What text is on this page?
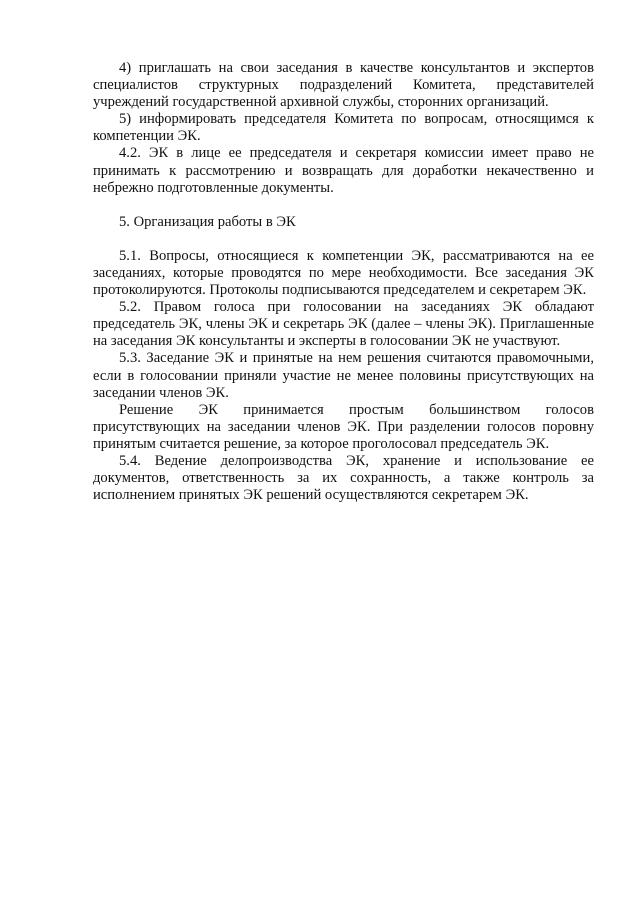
4) приглашать на свои заседания в качестве консультантов и экспертов специалистов структурных подразделений Комитета, представителей учреждений государственной архивной службы, сторонних организаций.

5) информировать председателя Комитета по вопросам, относящимся к компетенции ЭК.

4.2. ЭК в лице ее председателя и секретаря комиссии имеет право не принимать к рассмотрению и возвращать для доработки некачественно и небрежно подготовленные документы.

5. Организация работы в ЭК

5.1. Вопросы, относящиеся к компетенции ЭК, рассматриваются на ее заседаниях, которые проводятся по мере необходимости. Все заседания ЭК протоколируются. Протоколы подписываются председателем и секретарем ЭК.

5.2. Правом голоса при голосовании на заседаниях ЭК обладают председатель ЭК, члены ЭК и секретарь ЭК (далее – члены ЭК). Приглашенные на заседания ЭК консультанты и эксперты в голосовании ЭК не участвуют.

5.3. Заседание ЭК и принятые на нем решения считаются правомочными, если в голосовании приняли участие не менее половины присутствующих на заседании членов ЭК.

Решение ЭК принимается простым большинством голосов присутствующих на заседании членов ЭК. При разделении голосов поровну принятым считается решение, за которое проголосовал председатель ЭК.

5.4. Ведение делопроизводства ЭК, хранение и использование ее документов, ответственность за их сохранность, а также контроль за исполнением принятых ЭК решений осуществляются секретарем ЭК.
